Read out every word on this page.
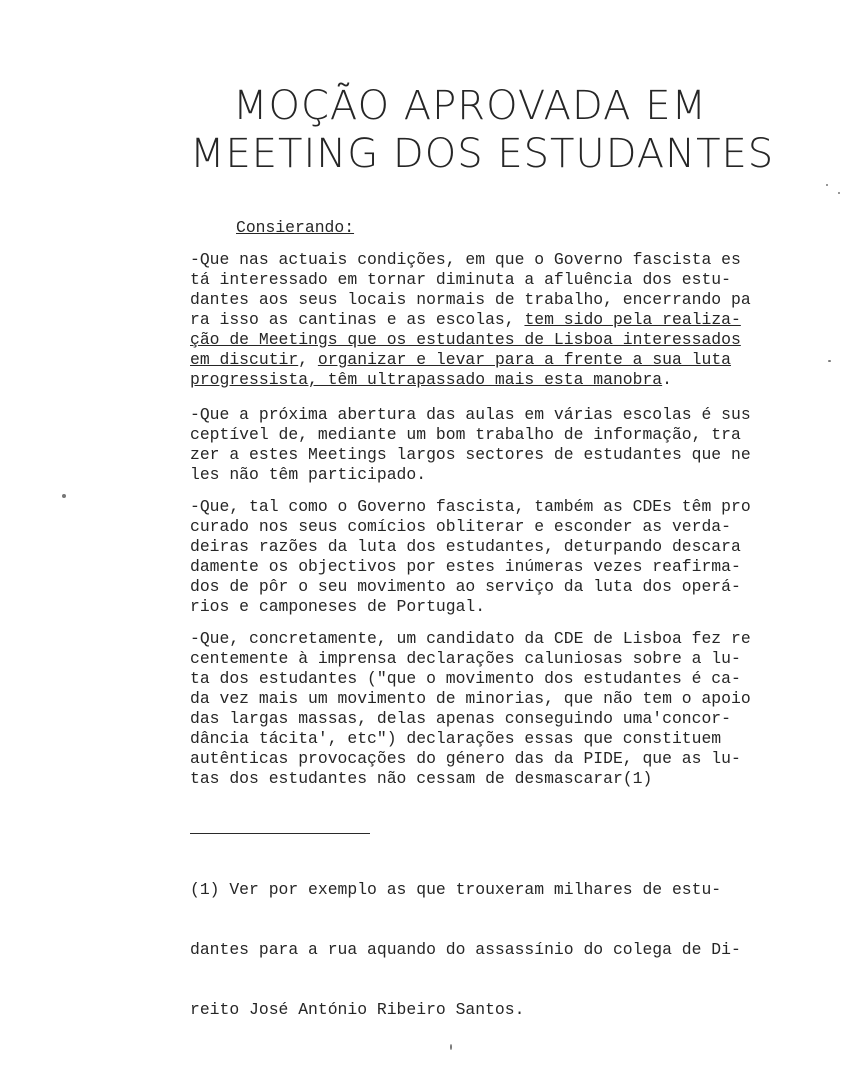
MOÇÃO APROVADA EM
MEETING DOS ESTUDANTES
Consierando:
-Que nas actuais condições, em que o Governo fascista es
tá interessado em tornar diminuta a afluência dos estu-
dantes aos seus locais normais de trabalho, encerrando pa
ra isso as cantinas e as escolas, tem sido pela realiza-
ção de Meetings que os estudantes de Lisboa interessados
em discutir, organizar e levar para a frente a sua luta
progressista, têm ultrapassado mais esta manobra.
-Que a próxima abertura das aulas em várias escolas é sus
ceptível de, mediante um bom trabalho de informação, tra
zer a estes Meetings largos sectores de estudantes que ne
les não têm participado.
-Que, tal como o Governo fascista, também as CDEs têm pro
curado nos seus comícios obliterar e esconder as verda-
deiras razões da luta dos estudantes, deturpando descara
damente os objectivos por estes inúmeras vezes reafirma-
dos de pôr o seu movimento ao serviço da luta dos operá-
rios e camponeses de Portugal.
-Que, concretamente, um candidato da CDE de Lisboa fez re
centemente à imprensa declarações caluniosas sobre a lu-
ta dos estudantes ("que o movimento dos estudantes é ca-
da vez mais um movimento de minorias, que não tem o apoio
das largas massas, delas apenas conseguindo uma'concor-
dância tácita', etc") declarações essas que constituem
autênticas provocações do género das da PIDE, que as lu-
tas dos estudantes não cessam de desmascarar(1)

(1) Ver por exemplo as que trouxeram milhares de estu-

dantes para a rua aquando do assassínio do colega de Di-

reito José António Ribeiro Santos.
